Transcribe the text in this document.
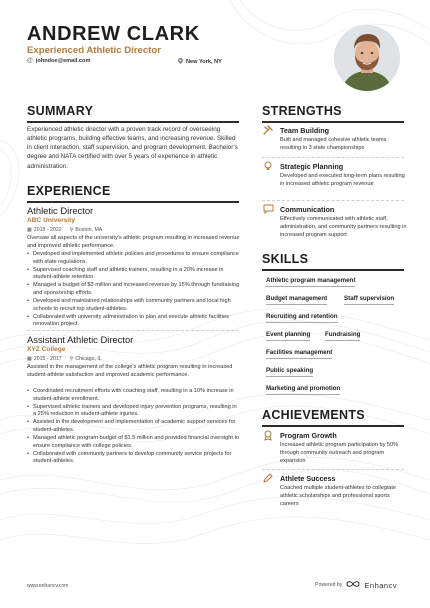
ANDREW CLARK
Experienced Athletic Director
@ johndoe@email.com	New York, NY
SUMMARY
Experienced athletic director with a proven track record of overseeing athletic programs, building effective teams, and increasing revenue. Skilled in client interaction, staff supervision, and program development. Bachelor's degree and NATA certified with over 5 years of experience in athletic administration.
EXPERIENCE
Athletic Director
ABC University
▦ 2018 - 2022 ⚲ Boston, MA
Oversaw all aspects of the university's athletic program resulting in increased revenue and improved athletic performance.
• Developed and implemented athletic policies and procedures to ensure compliance with state regulations.
• Supervised coaching staff and athletic trainers, resulting in a 20% increase in student-athlete retention.
• Managed a budget of $3 million and increased revenue by 15% through fundraising and sponsorship efforts.
• Developed and maintained relationships with community partners and local high schools to recruit top student-athletes.
• Collaborated with university administration to plan and execute athletic facilities renovation project.
Assistant Athletic Director
XYZ College
▦ 2015 - 2017 ⚲ Chicago, IL
Assisted in the management of the college's athletic program resulting in increased student-athlete satisfaction and improved academic performance.
• Coordinated recruitment efforts with coaching staff, resulting in a 10% increase in student-athlete enrollment.
• Supervised athletic trainers and developed injury prevention programs, resulting in a 25% reduction in student-athlete injuries.
• Assisted in the development and implementation of academic support services for student-athletes.
• Managed athletic program budget of $1.5 million and provided financial oversight to ensure compliance with college policies.
• Collaborated with community partners to develop community service projects for student-athletes.
STRENGTHS
Team Building
Built and managed cohesive athletic teams resulting in 3 state championships
Strategic Planning
Developed and executed long-term plans resulting in increased athletic program revenue
Communication
Effectively communicated with athletic staff, administration, and community partners resulting in increased program support
SKILLS
Athletic program management
Budget management	Staff supervision
Recruiting and retention
Event planning Fundraising
Facilities management
Public speaking
Marketing and promotion
ACHIEVEMENTS
Program Growth
Increased athletic program participation by 50% through community outreach and program expansion
Athlete Success
Coached multiple student-athletes to collegiate athletic scholarships and professional sports careers
www.enhancv.com	Powered by	Enhancv
